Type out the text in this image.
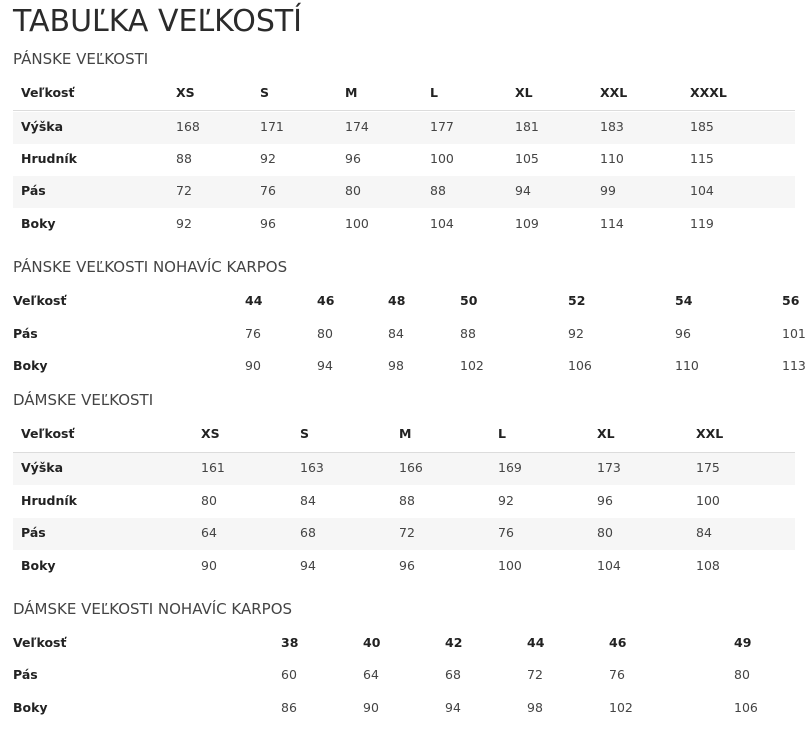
TABUĽKA VEĽKOSTÍ
PÁNSKE VEĽKOSTI
Veľkosť	XS	S	M	L	XL	XXL	XXXL
Výška	168	171	174	177	181	183	185
Hrudník	88	92	96	100	105	110	115
Pás	72	76	80	88	94	99	104
Boky	92	96	100	104	109	114	119
PÁNSKE VEĽKOSTI NOHAVÍC KARPOS
Veľkosť	44	46	48	50	52	54	56
Pás	76	80	84	88	92	96	101
Boky	90	94	98	102	106	110	113
DÁMSKE VEĽKOSTI
Veľkosť	XS	S	M	L	XL	XXL
Výška	161	163	166	169	173	175
Hrudník	80	84	88	92	96	100
Pás	64	68	72	76	80	84
Boky	90	94	96	100	104	108
DÁMSKE VEĽKOSTI NOHAVÍC KARPOS
Veľkosť	38	40	42	44	46	49
Pás	60	64	68	72	76	80
Boky	86	90	94	98	102	106
